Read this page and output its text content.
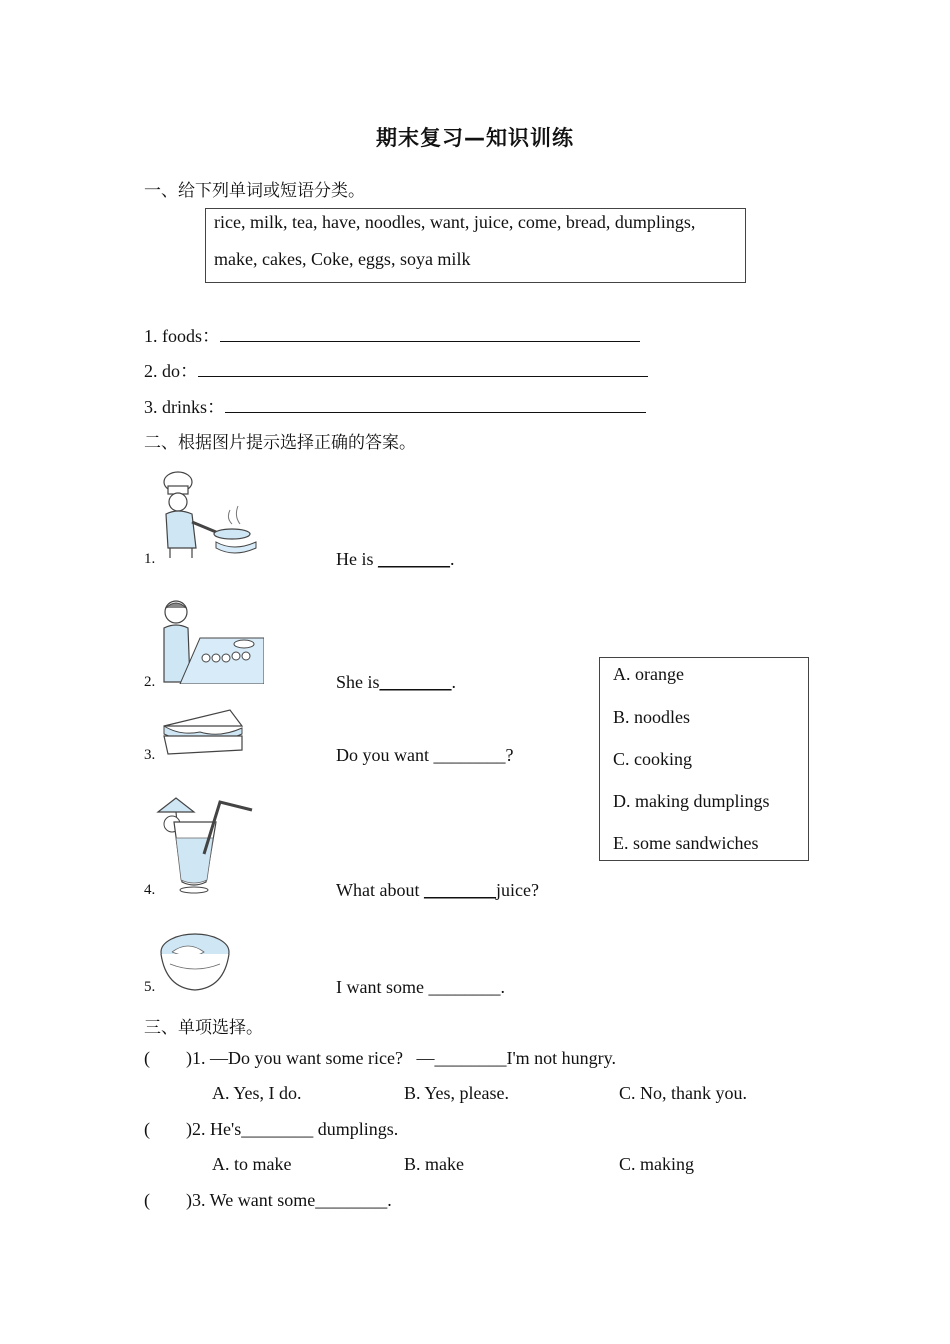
期末复习—知识训练
一、给下列单词或短语分类。
rice, milk, tea, have, noodles, want, juice, come, bread, dumplings,
make, cakes, Coke, eggs, soya milk
1. foods：
2. do：
3. drinks：
二、根据图片提示选择正确的答案。
1.	He is ________.
2.	She is________.
3.	Do you want ________?
4.	What about ________juice?
5.	I want some ________.
A. orange
B. noodles
C. cooking
D. making dumplings
E. some sandwiches
三、单项选择。
(        )1. —Do you want some rice?   —________I'm not hungry.
A. Yes, I do.	B. Yes, please.	C. No, thank you.
(        )2. He's________ dumplings.
A. to make	B. make	C. making
(        )3. We want some________.
